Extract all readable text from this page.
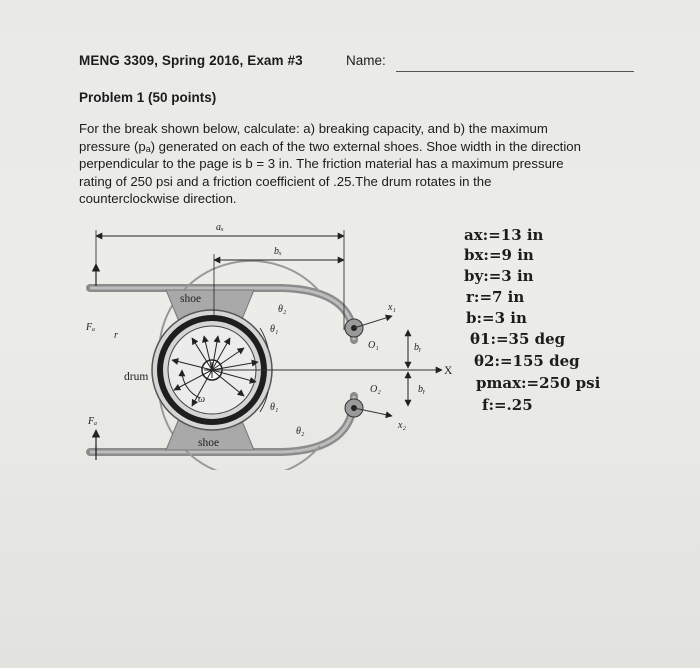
MENG 3309, Spring 2016, Exam #3	Name:
Problem 1 (50 points)

For the break shown below, calculate: a) breaking capacity, and b) the maximum

pressure (pₐ) generated on each of the two external shoes. Shoe width in the direction

perpendicular to the page is b = 3 in. The friction material has a maximum pressure

rating of 250 psi and a friction coefficient of .25.The drum rotates in the

counterclockwise direction.

aₓ
bₓ
shoe
shoe
drum
Fₐ
Fₐ
r
ω
θ₂
θ₁
θ₁
θ₂
O₁
O₂
x₁
x₂
bᵧ
bᵧ
X
ax:=13 in
bx:=9 in
by:=3 in
r:=7 in
b:=3 in
θ1:=35 deg
θ2:=155 deg
pmax:=250 psi
f:=.25
